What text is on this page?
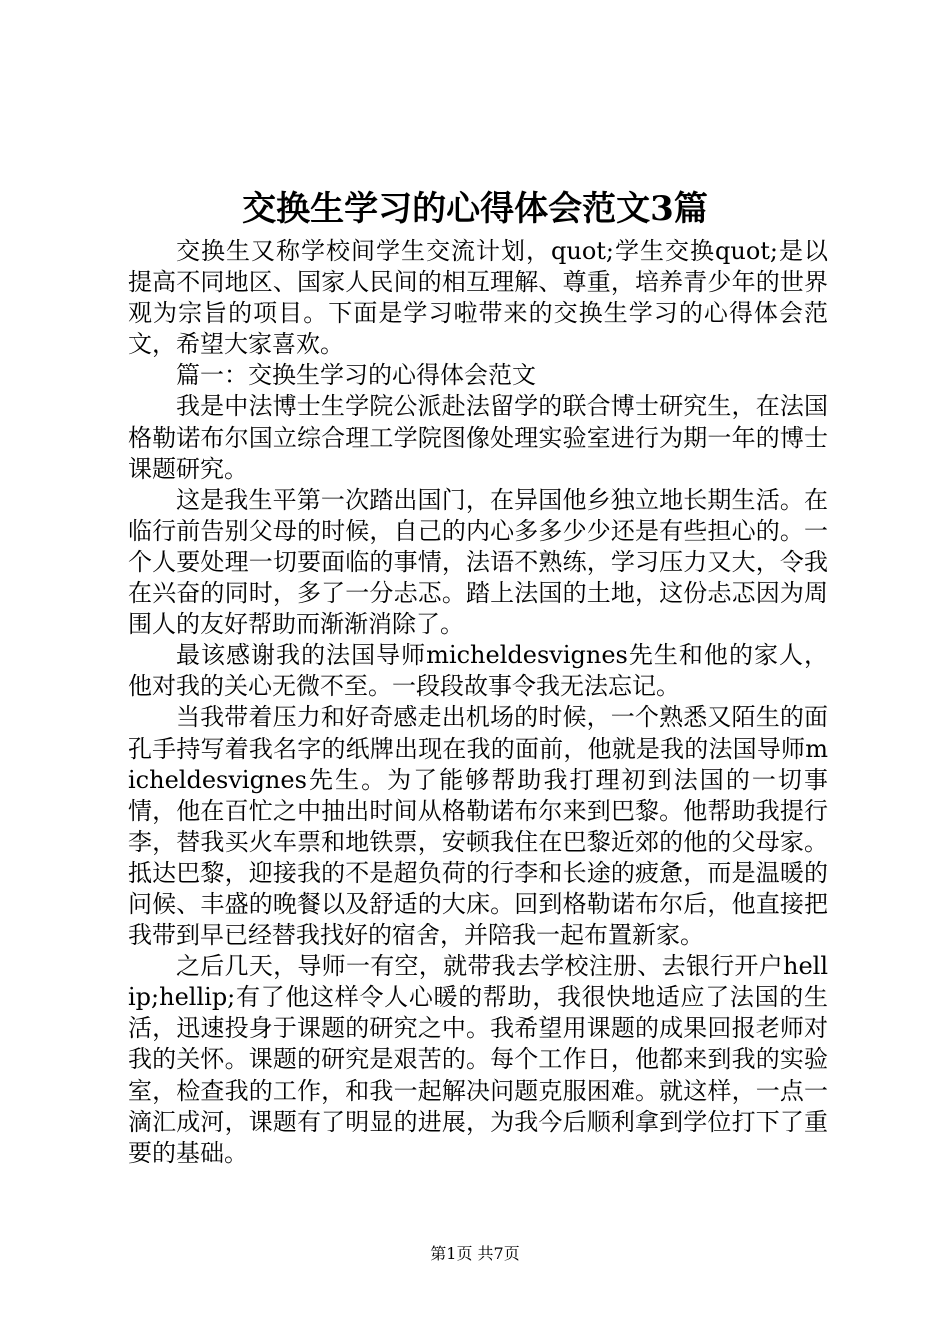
交换生学习的心得体会范文3篇

交换生又称学校间学生交流计划，quot;学生交换quot;是以提高不同地区、国家人民间的相互理解、尊重，培养青少年的世界观为宗旨的项目。下面是学习啦带来的交换生学习的心得体会范文，希望大家喜欢。

篇一：交换生学习的心得体会范文

我是中法博士生学院公派赴法留学的联合博士研究生，在法国格勒诺布尔国立综合理工学院图像处理实验室进行为期一年的博士课题研究。

这是我生平第一次踏出国门，在异国他乡独立地长期生活。在临行前告别父母的时候，自己的内心多多少少还是有些担心的。一个人要处理一切要面临的事情，法语不熟练，学习压力又大，令我在兴奋的同时，多了一分忐忑。踏上法国的土地，这份忐忑因为周围人的友好帮助而渐渐消除了。

最该感谢我的法国导师micheldesvignes先生和他的家人，他对我的关心无微不至。一段段故事令我无法忘记。

当我带着压力和好奇感走出机场的时候，一个熟悉又陌生的面孔手持写着我名字的纸牌出现在我的面前，他就是我的法国导师micheldesvignes先生。为了能够帮助我打理初到法国的一切事情，他在百忙之中抽出时间从格勒诺布尔来到巴黎。他帮助我提行李，替我买火车票和地铁票，安顿我住在巴黎近郊的他的父母家。抵达巴黎，迎接我的不是超负荷的行李和长途的疲惫，而是温暖的问候、丰盛的晚餐以及舒适的大床。回到格勒诺布尔后，他直接把我带到早已经替我找好的宿舍，并陪我一起布置新家。

之后几天，导师一有空，就带我去学校注册、去银行开户hellip;hellip;有了他这样令人心暖的帮助，我很快地适应了法国的生活，迅速投身于课题的研究之中。我希望用课题的成果回报老师对我的关怀。课题的研究是艰苦的。每个工作日，他都来到我的实验室，检查我的工作，和我一起解决问题克服困难。就这样，一点一滴汇成河，课题有了明显的进展，为我今后顺利拿到学位打下了重要的基础。

第1页 共7页
